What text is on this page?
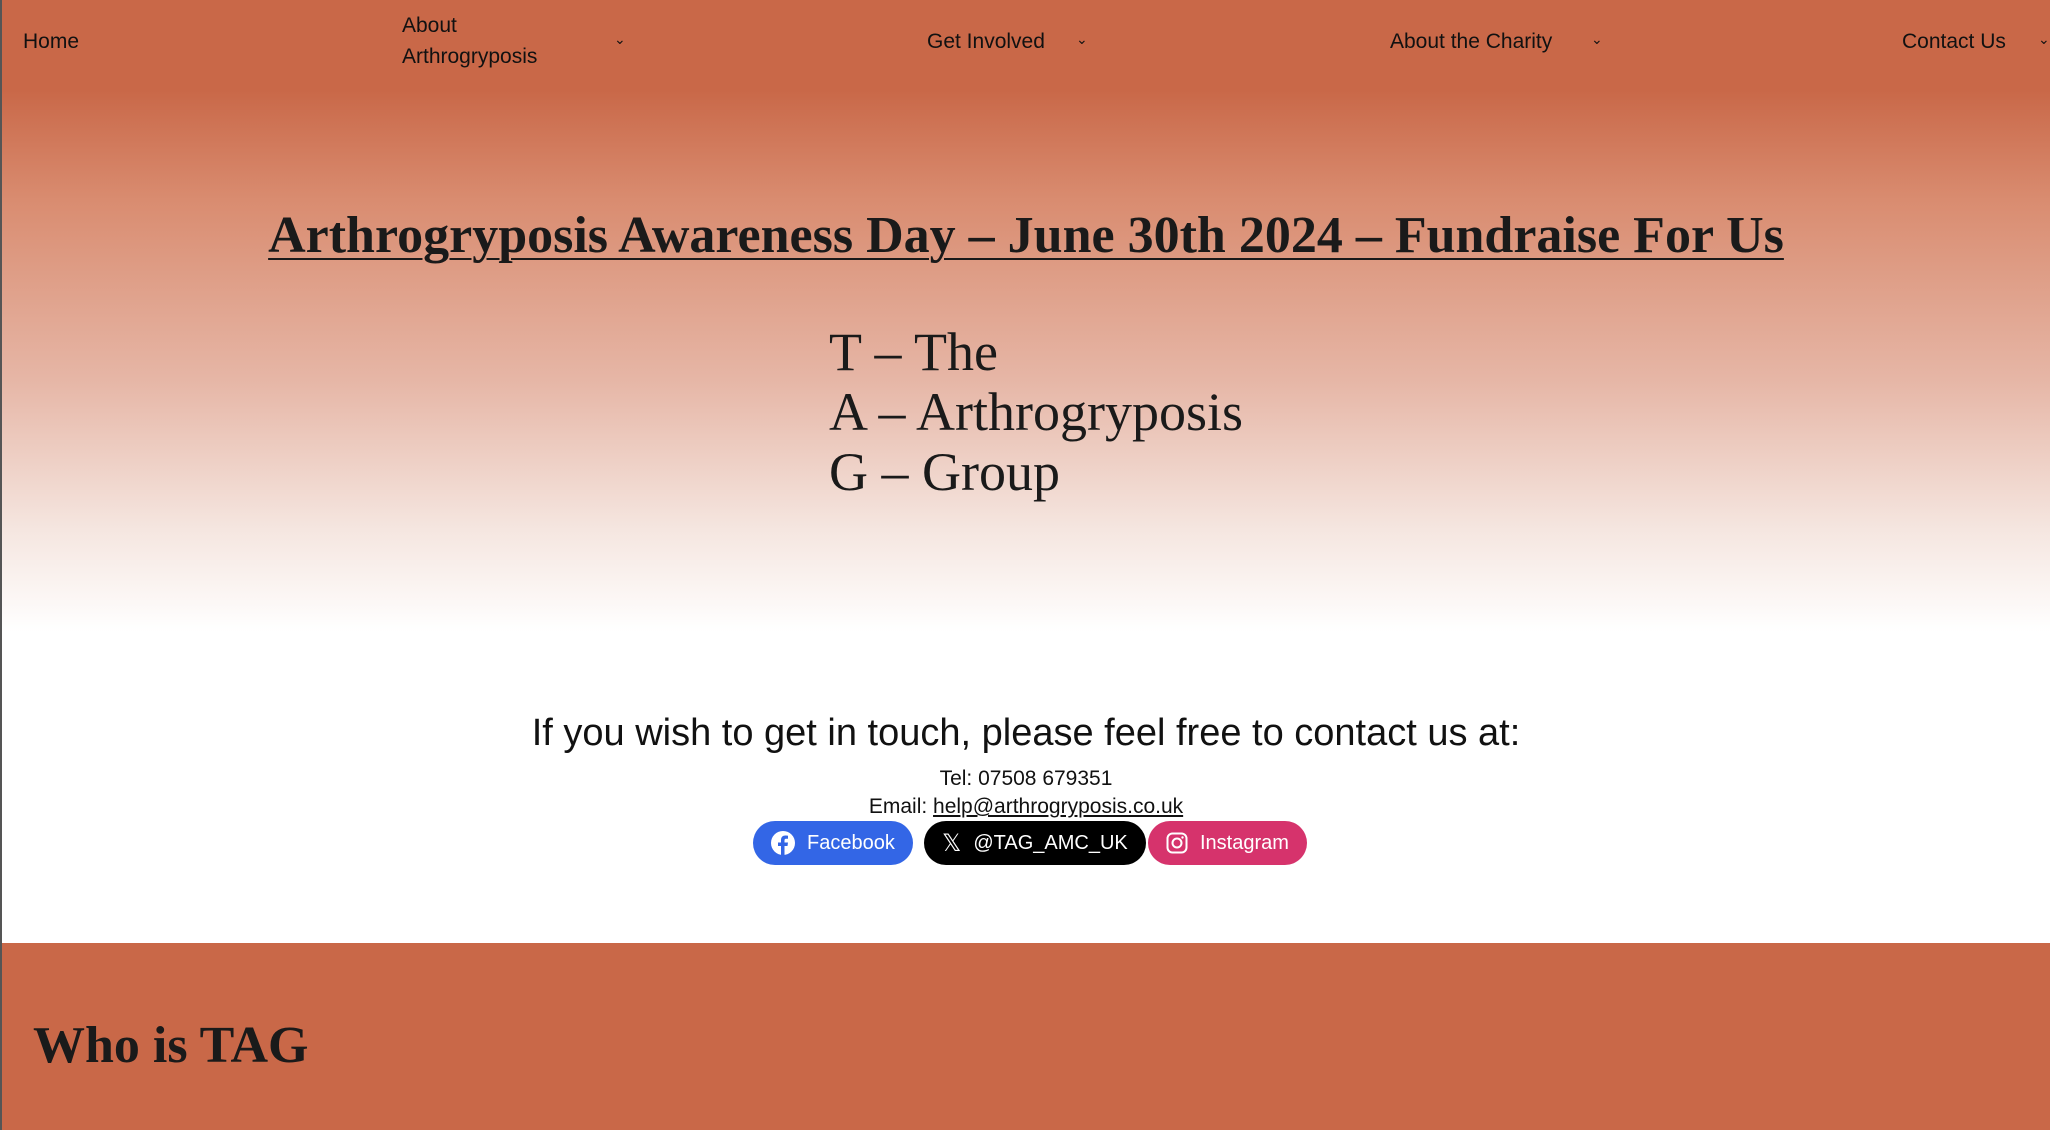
Home
About Arthrogryposis
⌄	Get Involved ⌄	About the Charity	⌄	Contact Us ⌄
Arthrogryposis Awareness Day – June 30th 2024 – Fundraise For Us
T – The
A – Arthrogryposis
G – Group
If you wish to get in touch, please feel free to contact us at:
Tel: 07508 679351
Email: help@arthrogryposis.co.uk
Facebook 𝕏 @TAG_AMC_UK	Instagram
Who is TAG
